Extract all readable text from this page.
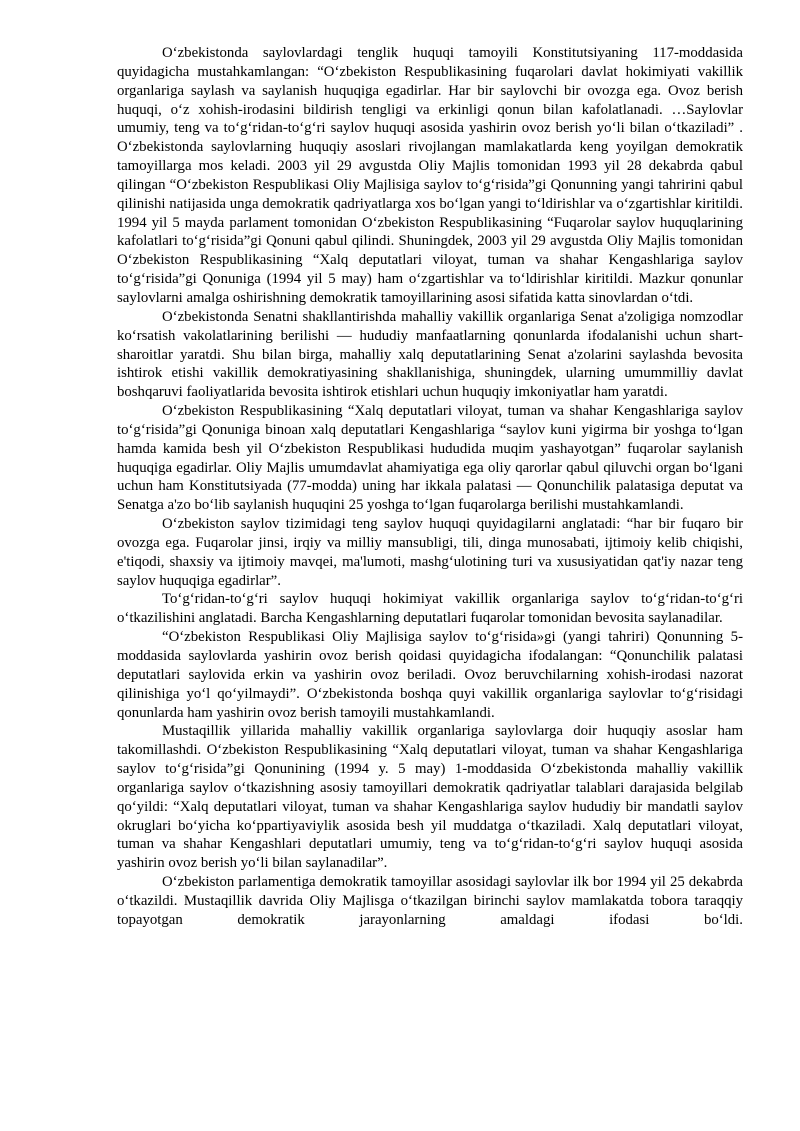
O‘zbekistonda saylovlardagi tenglik huquqi tamoyili Konstitutsiyaning 117-moddasida quyidagicha mustahkamlangan: “O‘zbekiston Respublikasining fuqarolari davlat hokimiyati vakillik organlariga saylash va saylanish huquqiga egadirlar. Har bir saylovchi bir ovozga ega. Ovoz berish huquqi, o‘z xohish-irodasini bildirish tengligi va erkinligi qonun bilan kafolatlanadi. …Saylovlar umumiy, teng va to‘g‘ridan-to‘g‘ri saylov huquqi asosida yashirin ovoz berish yo‘li bilan o‘tkaziladi” . O‘zbekistonda saylovlarning huquqiy asoslari rivojlangan mamlakatlarda keng yoyilgan demokratik tamoyillarga mos keladi. 2003 yil 29 avgustda Oliy Majlis tomonidan 1993 yil 28 dekabrda qabul qilingan “O‘zbekiston Respublikasi Oliy Majlisiga saylov to‘g‘risida”gi Qonunning yangi tahririni qabul qilinishi natijasida unga demokratik qadriyatlarga xos bo‘lgan yangi to‘ldirishlar va o‘zgartishlar kiritildi. 1994 yil 5 mayda parlament tomonidan O‘zbekiston Respublikasining “Fuqarolar saylov huquqlarining kafolatlari to‘g‘risida”gi Qonuni qabul qilindi. Shuningdek, 2003 yil 29 avgustda Oliy Majlis tomonidan O‘zbekiston Respublikasining “Xalq deputatlari viloyat, tuman va shahar Kengashlariga saylov to‘g‘risida”gi Qonuniga (1994 yil 5 may) ham o‘zgartishlar va to‘ldirishlar kiritildi. Mazkur qonunlar saylovlarni amalga oshirishning demokratik tamoyillarining asosi sifatida katta sinovlardan o‘tdi.

O‘zbekistonda Senatni shakllantirishda mahalliy vakillik organlariga Senat a'zoligiga nomzodlar ko‘rsatish vakolatlarining berilishi — hududiy manfaatlarning qonunlarda ifodalanishi uchun shart-sharoitlar yaratdi. Shu bilan birga, mahalliy xalq deputatlarining Senat a'zolarini saylashda bevosita ishtirok etishi vakillik demokratiyasining shakllanishiga, shuningdek, ularning umummilliy davlat boshqaruvi faoliyatlarida bevosita ishtirok etishlari uchun huquqiy imkoniyatlar ham yaratdi.

O‘zbekiston Respublikasining “Xalq deputatlari viloyat, tuman va shahar Kengashlariga saylov to‘g‘risida”gi Qonuniga binoan xalq deputatlari Kengashlariga “saylov kuni yigirma bir yoshga to‘lgan hamda kamida besh yil O‘zbekiston Respublikasi hududida muqim yashayotgan” fuqarolar saylanish huquqiga egadirlar. Oliy Majlis umumdavlat ahamiyatiga ega oliy qarorlar qabul qiluvchi organ bo‘lgani uchun ham Konstitutsiyada (77-modda) uning har ikkala palatasi — Qonunchilik palatasiga deputat va Senatga a'zo bo‘lib saylanish huquqini 25 yoshga to‘lgan fuqarolarga berilishi mustahkamlandi.

O‘zbekiston saylov tizimidagi teng saylov huquqi quyidagilarni anglatadi: “har bir fuqaro bir ovozga ega. Fuqarolar jinsi, irqiy va milliy mansubligi, tili, dinga munosabati, ijtimoiy kelib chiqishi, e'tiqodi, shaxsiy va ijtimoiy mavqei, ma'lumoti, mashg‘ulotining turi va xususiyatidan qat'iy nazar teng saylov huquqiga egadirlar”.

To‘g‘ridan-to‘g‘ri saylov huquqi hokimiyat vakillik organlariga saylov to‘g‘ridan-to‘g‘ri o‘tkazilishini anglatadi. Barcha Kengashlarning deputatlari fuqarolar tomonidan bevosita saylanadilar.

“O‘zbekiston Respublikasi Oliy Majlisiga saylov to‘g‘risida»gi (yangi tahriri) Qonunning 5-moddasida saylovlarda yashirin ovoz berish qoidasi quyidagicha ifodalangan: “Qonunchilik palatasi deputatlari saylovida erkin va yashirin ovoz beriladi. Ovoz beruvchilarning xohish-irodasi nazorat qilinishiga yo‘l qo‘yilmaydi”. O‘zbekistonda boshqa quyi vakillik organlariga saylovlar to‘g‘risidagi qonunlarda ham yashirin ovoz berish tamoyili mustahkamlandi.

Mustaqillik yillarida mahalliy vakillik organlariga saylovlarga doir huquqiy asoslar ham takomillashdi. O‘zbekiston Respublikasining “Xalq deputatlari viloyat, tuman va shahar Kengashlariga saylov to‘g‘risida”gi Qonunining (1994 y. 5 may) 1-moddasida O‘zbekistonda mahalliy vakillik organlariga saylov o‘tkazishning asosiy tamoyillari demokratik qadriyatlar talablari darajasida belgilab qo‘yildi: “Xalq deputatlari viloyat, tuman va shahar Kengashlariga saylov hududiy bir mandatli saylov okruglari bo‘yicha ko‘ppartiyaviylik asosida besh yil muddatga o‘tkaziladi. Xalq deputatlari viloyat, tuman va shahar Kengashlari deputatlari umumiy, teng va to‘g‘ridan-to‘g‘ri saylov huquqi asosida yashirin ovoz berish yo‘li bilan saylanadilar”.

O‘zbekiston parlamentiga demokratik tamoyillar asosidagi saylovlar ilk bor 1994 yil 25 dekabrda o‘tkazildi. Mustaqillik davrida Oliy Majlisga o‘tkazilgan birinchi saylov mamlakatda tobora taraqqiy topayotgan demokratik jarayonlarning amaldagi ifodasi bo‘ldi.
